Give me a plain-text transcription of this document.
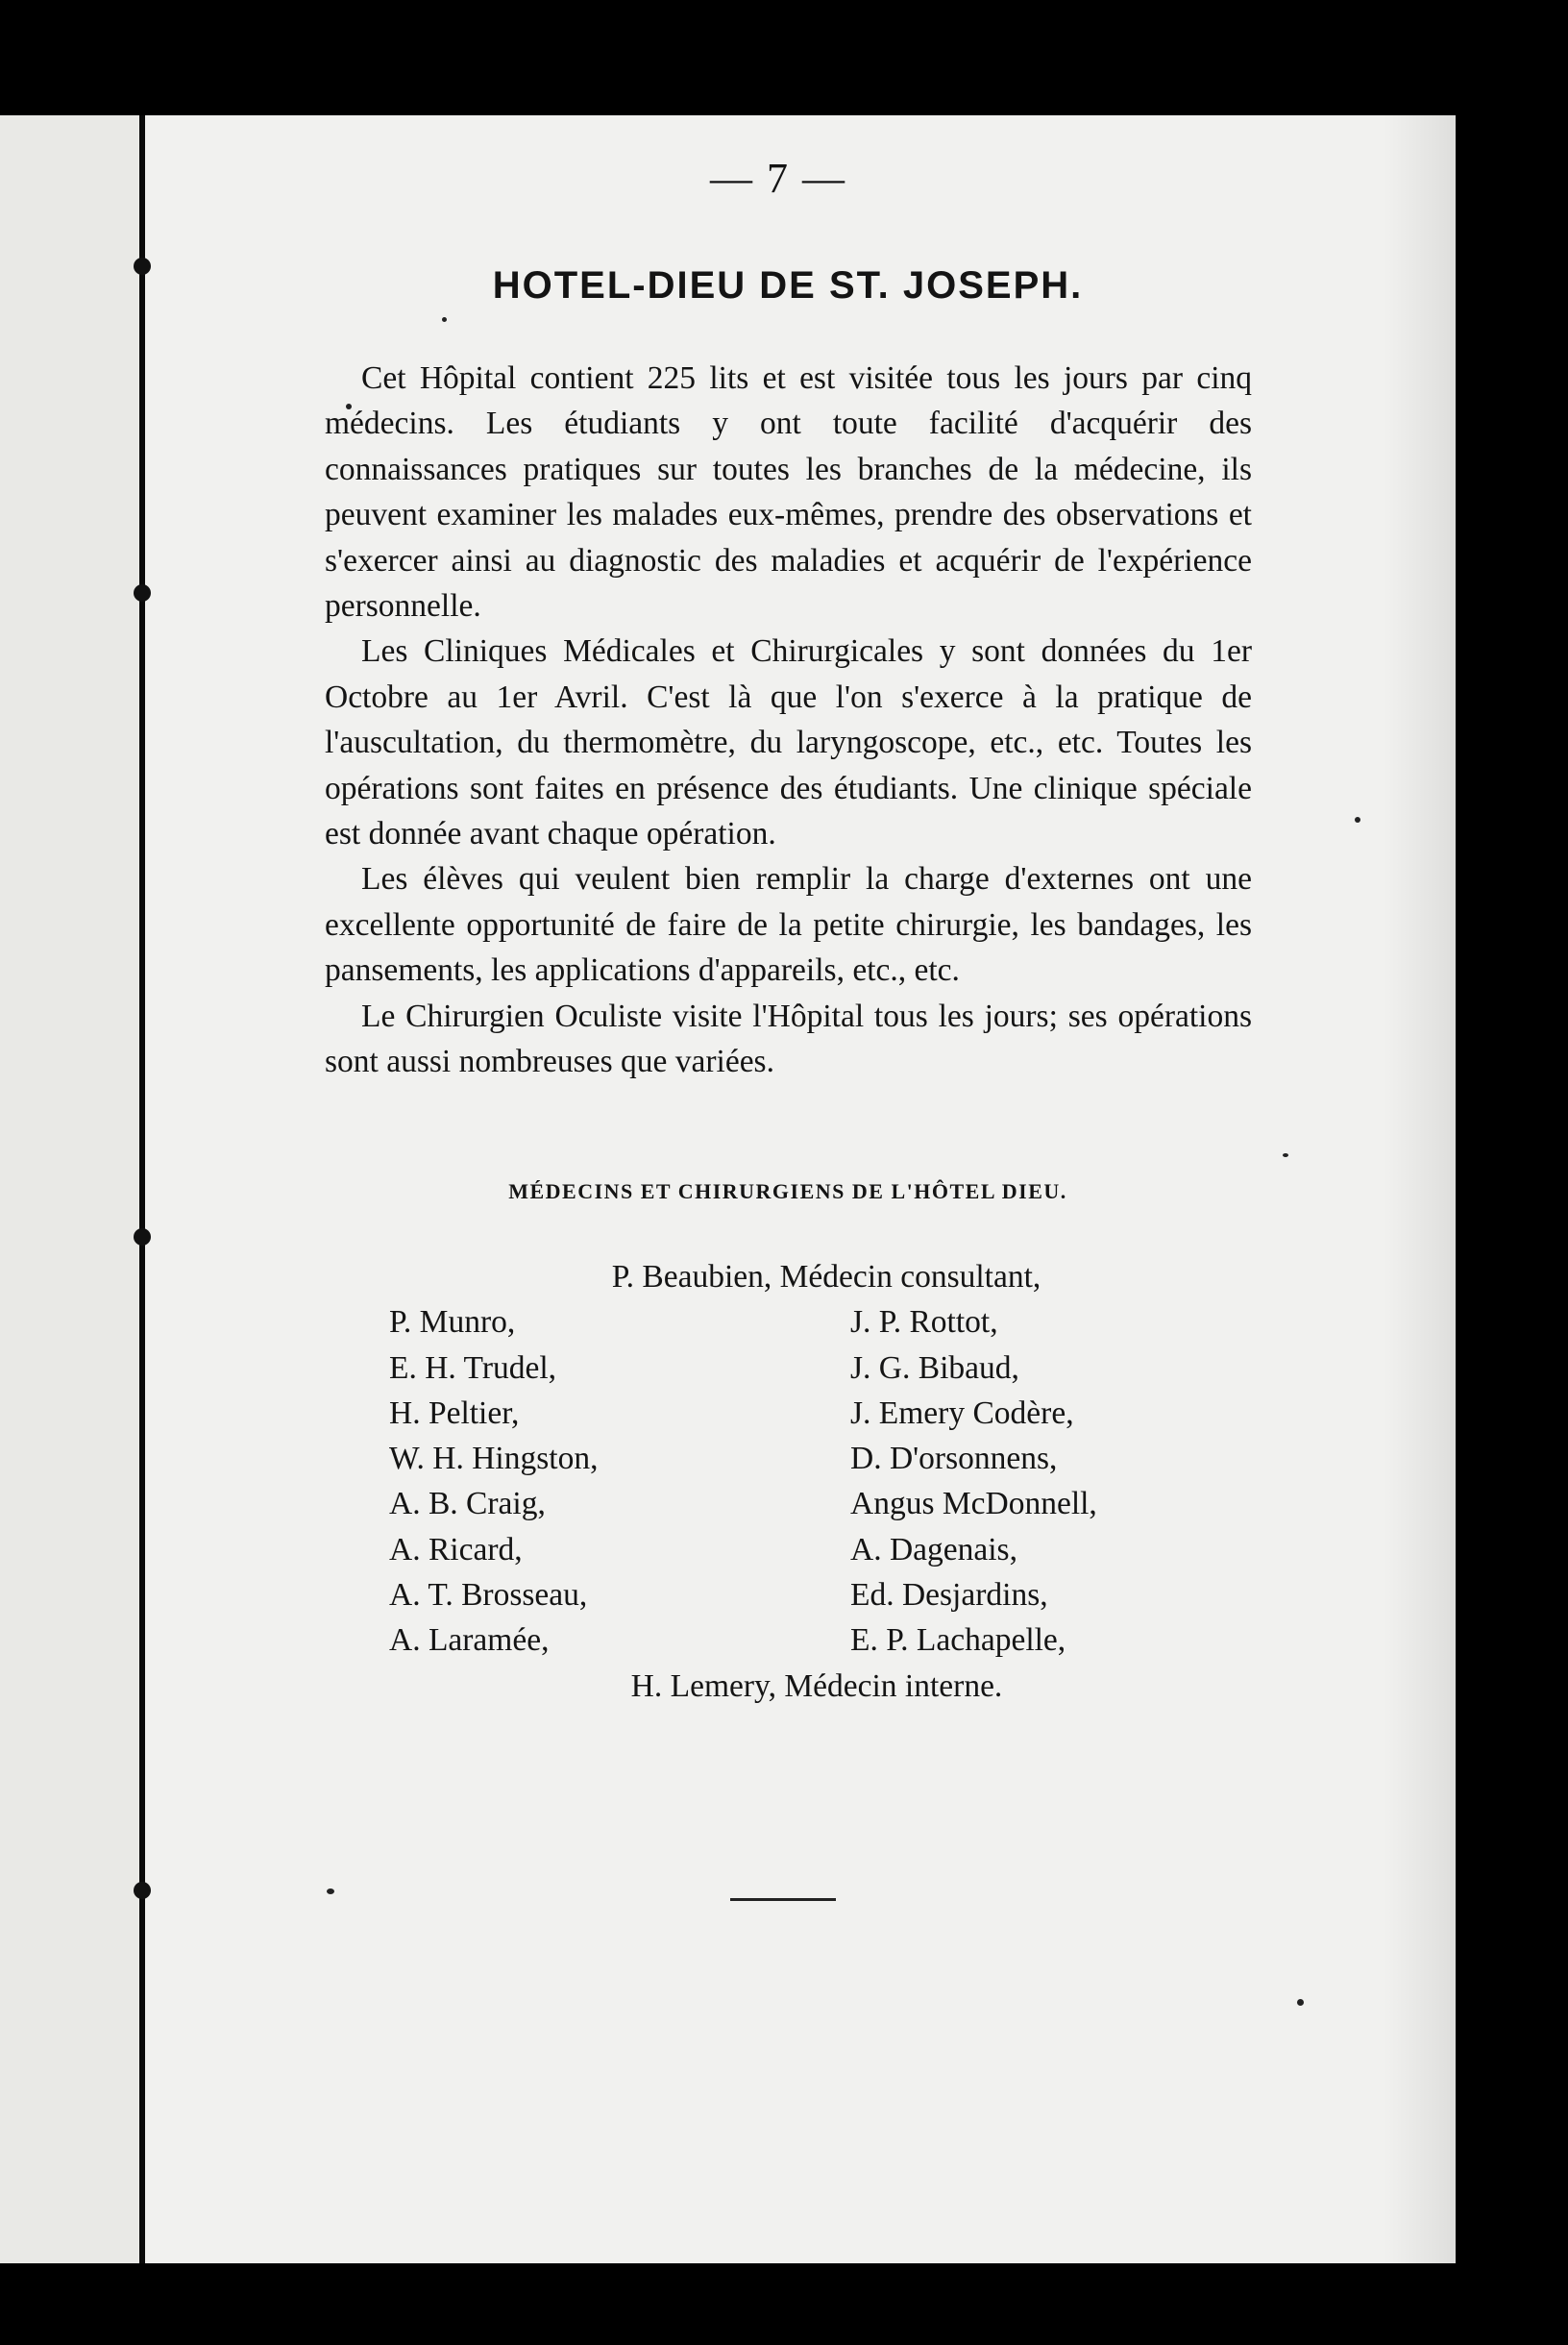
— 7 —
HOTEL-DIEU DE ST. JOSEPH.

Cet Hôpital contient 225 lits et est visitée tous les jours par cinq médecins. Les étudiants y ont toute facilité d'acquérir des connaissances pratiques sur toutes les branches de la médecine, ils peuvent examiner les malades eux-mêmes, prendre des observations et s'exercer ainsi au diagnostic des maladies et acquérir de l'expérience personnelle.

Les Cliniques Médicales et Chirurgicales y sont données du 1er Octobre au 1er Avril. C'est là que l'on s'exerce à la pratique de l'auscultation, du thermomètre, du laryngoscope, etc., etc. Toutes les opérations sont faites en présence des étudiants. Une clinique spéciale est donnée avant chaque opération.

Les élèves qui veulent bien remplir la charge d'externes ont une excellente opportunité de faire de la petite chirurgie, les bandages, les pansements, les applications d'appareils, etc., etc.

Le Chirurgien Oculiste visite l'Hôpital tous les jours; ses opérations sont aussi nombreuses que variées.

MÉDECINS ET CHIRURGIENS DE L'HÔTEL DIEU.
P. Beaubien, Médecin consultant,
P. Munro,	J. P. Rottot,
E. H. Trudel,	J. G. Bibaud,
H. Peltier,	J. Emery Codère,
W. H. Hingston,	D. D'orsonnens,
A. B. Craig,	Angus McDonnell,
A. Ricard,	A. Dagenais,
A. T. Brosseau,	Ed. Desjardins,
A. Laramée,	E. P. Lachapelle,
H. Lemery, Médecin interne.
